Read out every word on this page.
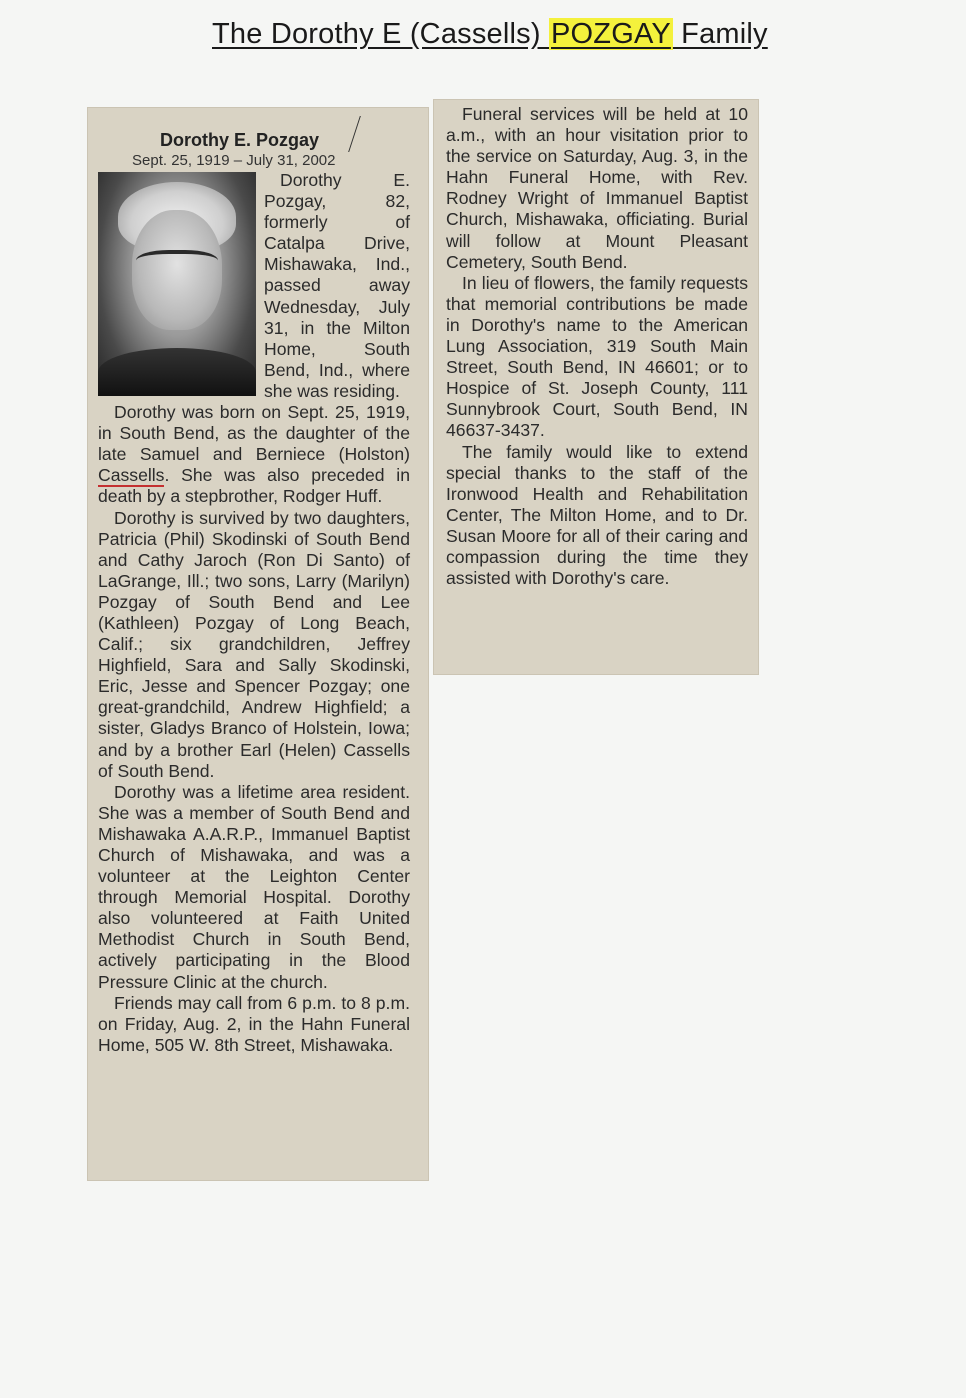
The Dorothy E (Cassells) POZGAY Family
Dorothy E. Pozgay
Sept. 25, 1919 – July 31, 2002

Dorothy E. Pozgay, 82, formerly of Catalpa Drive, Mishawaka, Ind., passed away Wednesday, July 31, in the Milton Home, South Bend, Ind., where she was residing.

Dorothy was born on Sept. 25, 1919, in South Bend, as the daughter of the late Samuel and Berniece (Holston) Cassells. She was also preceded in death by a stepbrother, Rodger Huff.

Dorothy is survived by two daughters, Patricia (Phil) Skodinski of South Bend and Cathy Jaroch (Ron Di Santo) of LaGrange, Ill.; two sons, Larry (Marilyn) Pozgay of South Bend and Lee (Kathleen) Pozgay of Long Beach, Calif.; six grandchildren, Jeffrey Highfield, Sara and Sally Skodinski, Eric, Jesse and Spencer Pozgay; one great-grandchild, Andrew Highfield; a sister, Gladys Branco of Holstein, Iowa; and by a brother Earl (Helen) Cassells of South Bend.

Dorothy was a lifetime area resident. She was a member of South Bend and Mishawaka A.A.R.P., Immanuel Baptist Church of Mishawaka, and was a volunteer at the Leighton Center through Memorial Hospital. Dorothy also volunteered at Faith United Methodist Church in South Bend, actively participating in the Blood Pressure Clinic at the church.

Friends may call from 6 p.m. to 8 p.m. on Friday, Aug. 2, in the Hahn Funeral Home, 505 W. 8th Street, Mishawaka.

Funeral services will be held at 10 a.m., with an hour visitation prior to the service on Saturday, Aug. 3, in the Hahn Funeral Home, with Rev. Rodney Wright of Immanuel Baptist Church, Mishawaka, officiating. Burial will follow at Mount Pleasant Cemetery, South Bend.

In lieu of flowers, the family requests that memorial contributions be made in Dorothy's name to the American Lung Association, 319 South Main Street, South Bend, IN 46601; or to Hospice of St. Joseph County, 111 Sunnybrook Court, South Bend, IN 46637-3437.

The family would like to extend special thanks to the staff of the Ironwood Health and Rehabilitation Center, The Milton Home, and to Dr. Susan Moore for all of their caring and compassion during the time they assisted with Dorothy's care.
